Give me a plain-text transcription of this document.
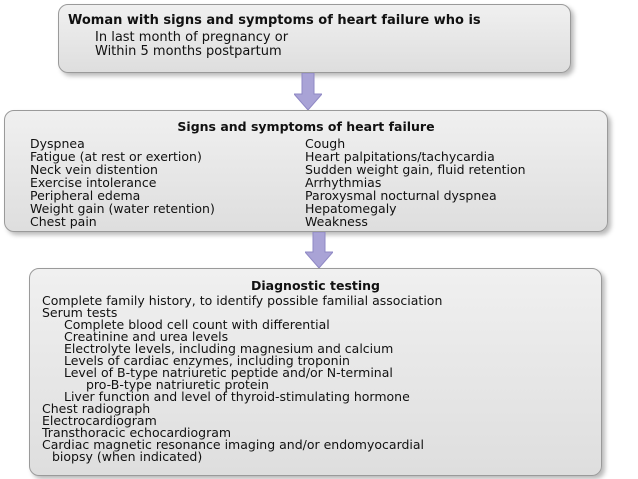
Woman with signs and symptoms of heart failure who is
In last month of pregnancy or
Within 5 months postpartum
Signs and symptoms of heart failure
Dyspnea
Fatigue (at rest or exertion)
Neck vein distention
Exercise intolerance
Peripheral edema
Weight gain (water retention)
Chest pain
Cough
Heart palpitations/tachycardia
Sudden weight gain, fluid retention
Arrhythmias
Paroxysmal nocturnal dyspnea
Hepatomegaly
Weakness
Diagnostic testing
Complete family history, to identify possible familial association
Serum tests
Complete blood cell count with differential
Creatinine and urea levels
Electrolyte levels, including magnesium and calcium
Levels of cardiac enzymes, including troponin
Level of B-type natriuretic peptide and/or N-terminal
pro-B-type natriuretic protein
Liver function and level of thyroid-stimulating hormone
Chest radiograph
Electrocardiogram
Transthoracic echocardiogram
Cardiac magnetic resonance imaging and/or endomyocardial
biopsy (when indicated)
